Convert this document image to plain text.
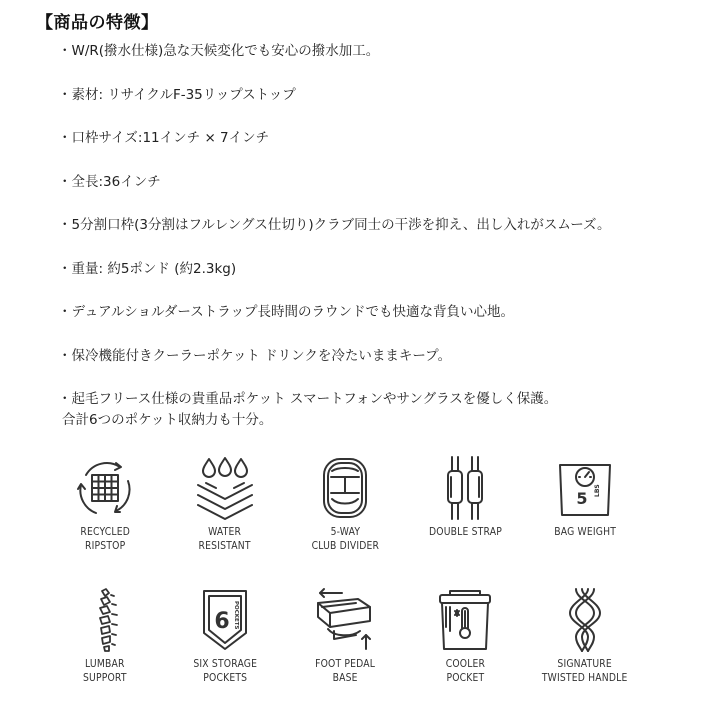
【商品の特徴】
・W/R(撥水仕様)急な天候変化でも安心の撥水加工。
・素材: リサイクルF-35リップストップ
・口枠サイズ:11インチ × 7インチ
・全長:36インチ
・5分割口枠(3分割はフルレングス仕切り)クラブ同士の干渉を抑え、出し入れがスムーズ。
・重量: 約5ポンド (約2.3kg)
・デュアルショルダーストラップ長時間のラウンドでも快適な背負い心地。
・保冷機能付きクーラーポケット ドリンクを冷たいままキープ。
・起毛フリース仕様の貴重品ポケット スマートフォンやサングラスを優しく保護。
合計6つのポケット収納力も十分。
RECYCLED
RIPSTOP
WATER
RESISTANT
5-WAY
CLUB DIVIDER
DOUBLE STRAP
5 LBS
BAG WEIGHT
LUMBAR
SUPPORT
6 POCKETS
SIX STORAGE
POCKETS
FOOT PEDAL
BASE
COOLER
POCKET
SIGNATURE
TWISTED HANDLE
